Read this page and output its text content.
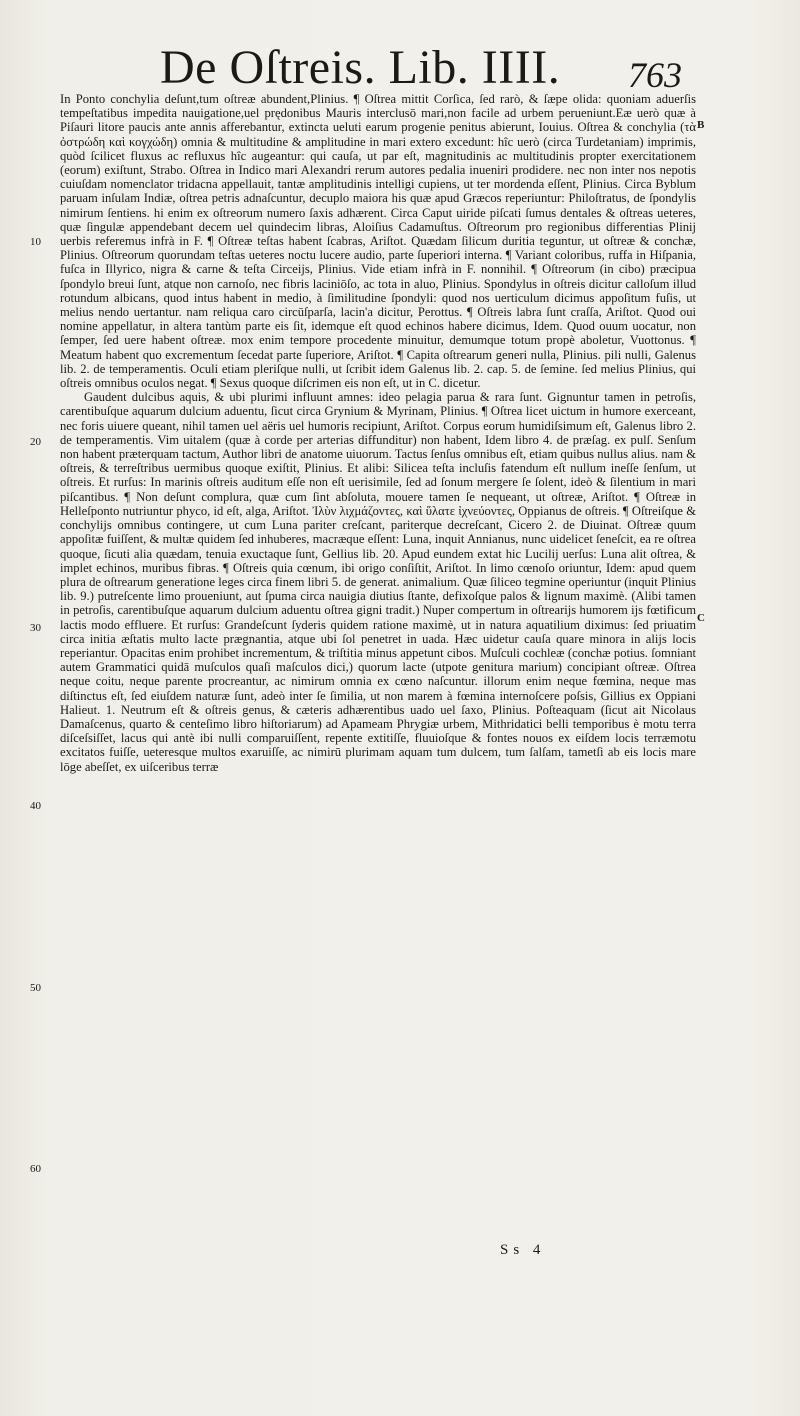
De Oſtreis. Lib. IIII. 763
10
20
30
40
50
60
B
C

In Ponto conchylia deſunt,tum oſtreæ abundent,Plinius. ¶ Oſtrea mittit Corſica, ſed rarò, & ſæpe olida: quoniam aduerſis tempeſtatibus impedita nauigatione,uel prędonibus Mauris interclusō mari,non facile ad urbem perueniunt.Eæ uerò quæ à Piſauri litore paucis ante annis afferebantur, extincta ueluti earum progenie penitus abierunt, Iouius. Oſtrea & conchylia (τὰ ὀστρώδη καὶ κογχώδη) omnia & multitudine & amplitudine in mari extero excedunt: hîc uerò (circa Turdetaniam) imprimis, quòd ſcilicet fluxus ac refluxus hîc augeantur: qui cauſa, ut par eſt, magnitudinis ac multitudinis propter exercitationem (eorum) exiſtunt, Strabo. Oſtrea in Indico mari Alexandri rerum autores pedalia inueniri prodidere. nec non inter nos nepotis cuiuſdam nomenclator tridacna appellauit, tantæ amplitudinis intelligi cupiens, ut ter mordenda eſſent, Plinius. Circa Byblum paruam inſulam Indiæ, oſtrea petris adnaſcuntur, decuplo maiora his quæ apud Græcos reperiuntur: Philoſtratus, de ſpondylis nimirum ſentiens. hi enim ex oſtreorum numero ſaxis adhærent. Circa Caput uiride piſcati ſumus dentales & oſtreas ueteres, quæ ſingulæ appendebant decem uel quindecim libras, Aloiſius Cadamuſtus. Oſtreorum pro regionibus differentias Plinij uerbis referemus infrà in F. ¶ Oſtreæ teſtas habent ſcabras, Ariſtot. Quædam ſilicum duritia teguntur, ut oſtreæ & conchæ, Plinius. Oſtreorum quorundam teſtas ueteres noctu lucere audio, parte ſuperiori interna. ¶ Variant coloribus, ruffa in Hiſpania, fuſca in Illyrico, nigra & carne & teſta Circeijs, Plinius. Vide etiam infrà in F. nonnihil. ¶ Oſtreorum (in cibo) præcipua ſpondylo breui ſunt, atque non carnoſo, nec fibris laciniōſo, ac tota in aluo, Plinius. Spondylus in oſtreis dicitur calloſum illud rotundum albicans, quod intus habent in medio, à ſimilitudine ſpondyli: quod nos uerticulum dicimus appoſitum fuſis, ut melius nendo uertantur. nam reliqua caro circūſparſa, lacin'a dicitur, Perottus. ¶ Oſtreis labra ſunt craſſa, Ariſtot. Quod oui nomine appellatur, in altera tantùm parte eis ſit, idemque eſt quod echinos habere dicimus, Idem. Quod ouum uocatur, non ſemper, ſed uere habent oſtreæ. mox enim tempore procedente minuitur, demumque totum propè aboletur, Vuottonus. ¶ Meatum habent quo excrementum ſecedat parte ſuperiore, Ariſtot. ¶ Capita oſtrearum generi nulla, Plinius. pili nulli, Galenus lib. 2. de temperamentis. Oculi etiam pleriſque nulli, ut ſcribit idem Galenus lib. 2. cap. 5. de ſemine. ſed melius Plinius, qui oſtreis omnibus oculos negat. ¶ Sexus quoque diſcrimen eis non eſt, ut in C. dicetur.

Gaudent dulcibus aquis, & ubi plurimi influunt amnes: ideo pelagia parua & rara ſunt. Gignuntur tamen in petroſis, carentibuſque aquarum dulcium aduentu, ſicut circa Grynium & Myrinam, Plinius. ¶ Oſtrea licet uictum in humore exerceant, nec foris uiuere queant, nihil tamen uel aëris uel humoris recipiunt, Ariſtot. Corpus eorum humidiſsimum eſt, Galenus libro 2. de temperamentis. Vim uitalem (quæ à corde per arterias diffunditur) non habent, Idem libro 4. de præſag. ex pulſ. Senſum non habent præterquam tactum, Author libri de anatome uiuorum. Tactus ſenſus omnibus eſt, etiam quibus nullus alius. nam & oſtreis, & terreſtribus uermibus quoque exiſtit, Plinius. Et alibi: Silicea teſta incluſis fatendum eſt nullum ineſſe ſenſum, ut oſtreis. Et rurſus: In marinis oſtreis auditum eſſe non eſt uerisimile, ſed ad ſonum mergere ſe ſolent, ideò & ſilentium in mari piſcantibus. ¶ Non deſunt complura, quæ cum ſint abſoluta, mouere tamen ſe nequeant, ut oſtreæ, Ariſtot. ¶ Oſtreæ in Helleſponto nutriuntur phyco, id eſt, alga, Ariſtot. Ἰλὺν λιχμάζοντες, καὶ ὕλατε ἰχνεύοντες, Oppianus de oſtreis. ¶ Oſtreiſque & conchylijs omnibus contingere, ut cum Luna pariter creſcant, pariterque decreſcant, Cicero 2. de Diuinat. Oſtreæ quum appoſitæ fuiſſent, & multæ quidem ſed inhuberes, macræque eſſent: Luna, inquit Annianus, nunc uidelicet ſeneſcit, ea re oſtrea quoque, ſicuti alia quædam, tenuia exuctaque ſunt, Gellius lib. 20. Apud eundem extat hic Lucilij uerſus: Luna alit oſtrea, & implet echinos, muribus fibras. ¶ Oſtreis quia cœnum, ibi origo conſiſtit, Ariſtot. In limo cœnoſo oriuntur, Idem: apud quem plura de oſtrearum generatione leges circa finem libri 5. de generat. animalium. Quæ ſiliceo tegmine operiuntur (inquit Plinius lib. 9.) putreſcente limo proueniunt, aut ſpuma circa nauigia diutius ſtante, defixoſque palos & lignum maximè. (Alibi tamen in petroſis, carentibuſque aquarum dulcium aduentu oſtrea gigni tradit.) Nuper compertum in oſtrearijs humorem ijs fœtificum lactis modo effluere. Et rurſus: Grandeſcunt ſyderis quidem ratione maximè, ut in natura aquatilium diximus: ſed priuatim circa initia æſtatis multo lacte prægnantia, atque ubi ſol penetret in uada. Hæc uidetur cauſa quare minora in alijs locis reperiantur. Opacitas enim prohibet incrementum, & triſtitia minus appetunt cibos. Muſculi cochleæ (conchæ potius. ſomniant autem Grammatici quidā muſculos quaſi maſculos dici,) quorum lacte (utpote genitura marium) concipiant oſtreæ. Oſtrea neque coitu, neque parente procreantur, ac nimirum omnia ex cœno naſcuntur. illorum enim neque fœmina, neque mas diſtinctus eſt, ſed eiuſdem naturæ ſunt, adeò inter ſe ſimilia, ut non marem à fœmina internoſcere poſsis, Gillius ex Oppiani Halieut. 1. Neutrum eſt & oſtreis genus, & cæteris adhærentibus uado uel ſaxo, Plinius. Poſteaquam (ſicut ait Nicolaus Damaſcenus, quarto & centeſimo libro hiſtoriarum) ad Apameam Phrygiæ urbem, Mithridatici belli temporibus è motu terra diſceſsiſſet, lacus qui antè ibi nulli comparuiſſent, repente extitiſſe, fluuioſque & fontes nouos ex eiſdem locis terræmotu excitatos fuiſſe, ueteresque multos exaruiſſe, ac nimirū plurimam aquam tum dulcem, tum ſalſam, tametſi ab eis locis mare lōge abeſſet, ex uiſceribus terræ

Ss 4
